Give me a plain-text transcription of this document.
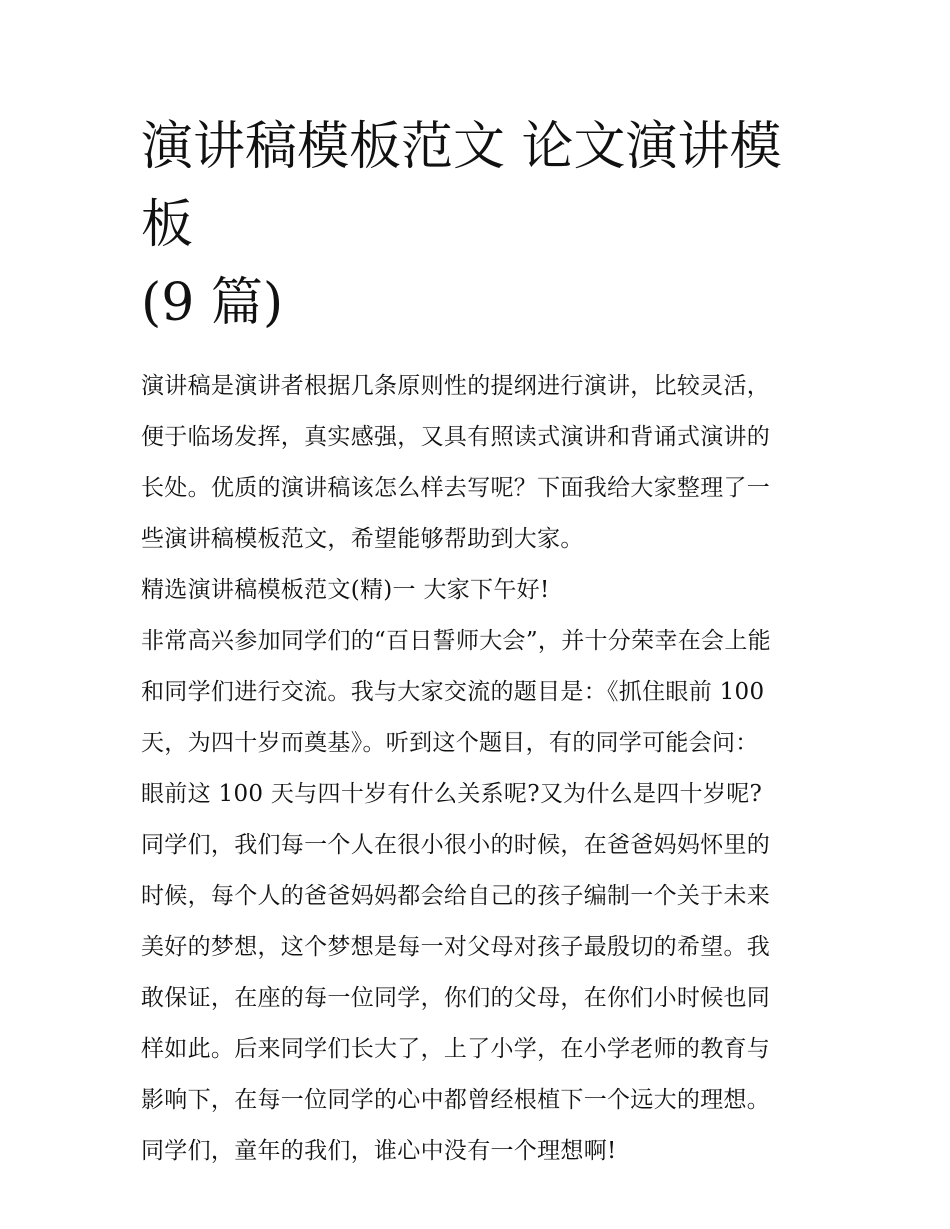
演讲稿模板范文 论文演讲模板
(9 篇)
演讲稿是演讲者根据几条原则性的提纲进行演讲，比较灵活，
便于临场发挥，真实感强，又具有照读式演讲和背诵式演讲的
长处。优质的演讲稿该怎么样去写呢？下面我给大家整理了一
些演讲稿模板范文，希望能够帮助到大家。
精选演讲稿模板范文(精)一 大家下午好!
非常高兴参加同学们的“百日誓师大会”，并十分荣幸在会上能
和同学们进行交流。我与大家交流的题目是：《抓住眼前 100
天，为四十岁而奠基》。听到这个题目，有的同学可能会问：
眼前这 100 天与四十岁有什么关系呢?又为什么是四十岁呢?
同学们，我们每一个人在很小很小的时候，在爸爸妈妈怀里的
时候，每个人的爸爸妈妈都会给自己的孩子编制一个关于未来
美好的梦想，这个梦想是每一对父母对孩子最殷切的希望。我
敢保证，在座的每一位同学，你们的父母，在你们小时候也同
样如此。后来同学们长大了，上了小学，在小学老师的教育与
影响下，在每一位同学的心中都曾经根植下一个远大的理想。
同学们，童年的我们，谁心中没有一个理想啊!
